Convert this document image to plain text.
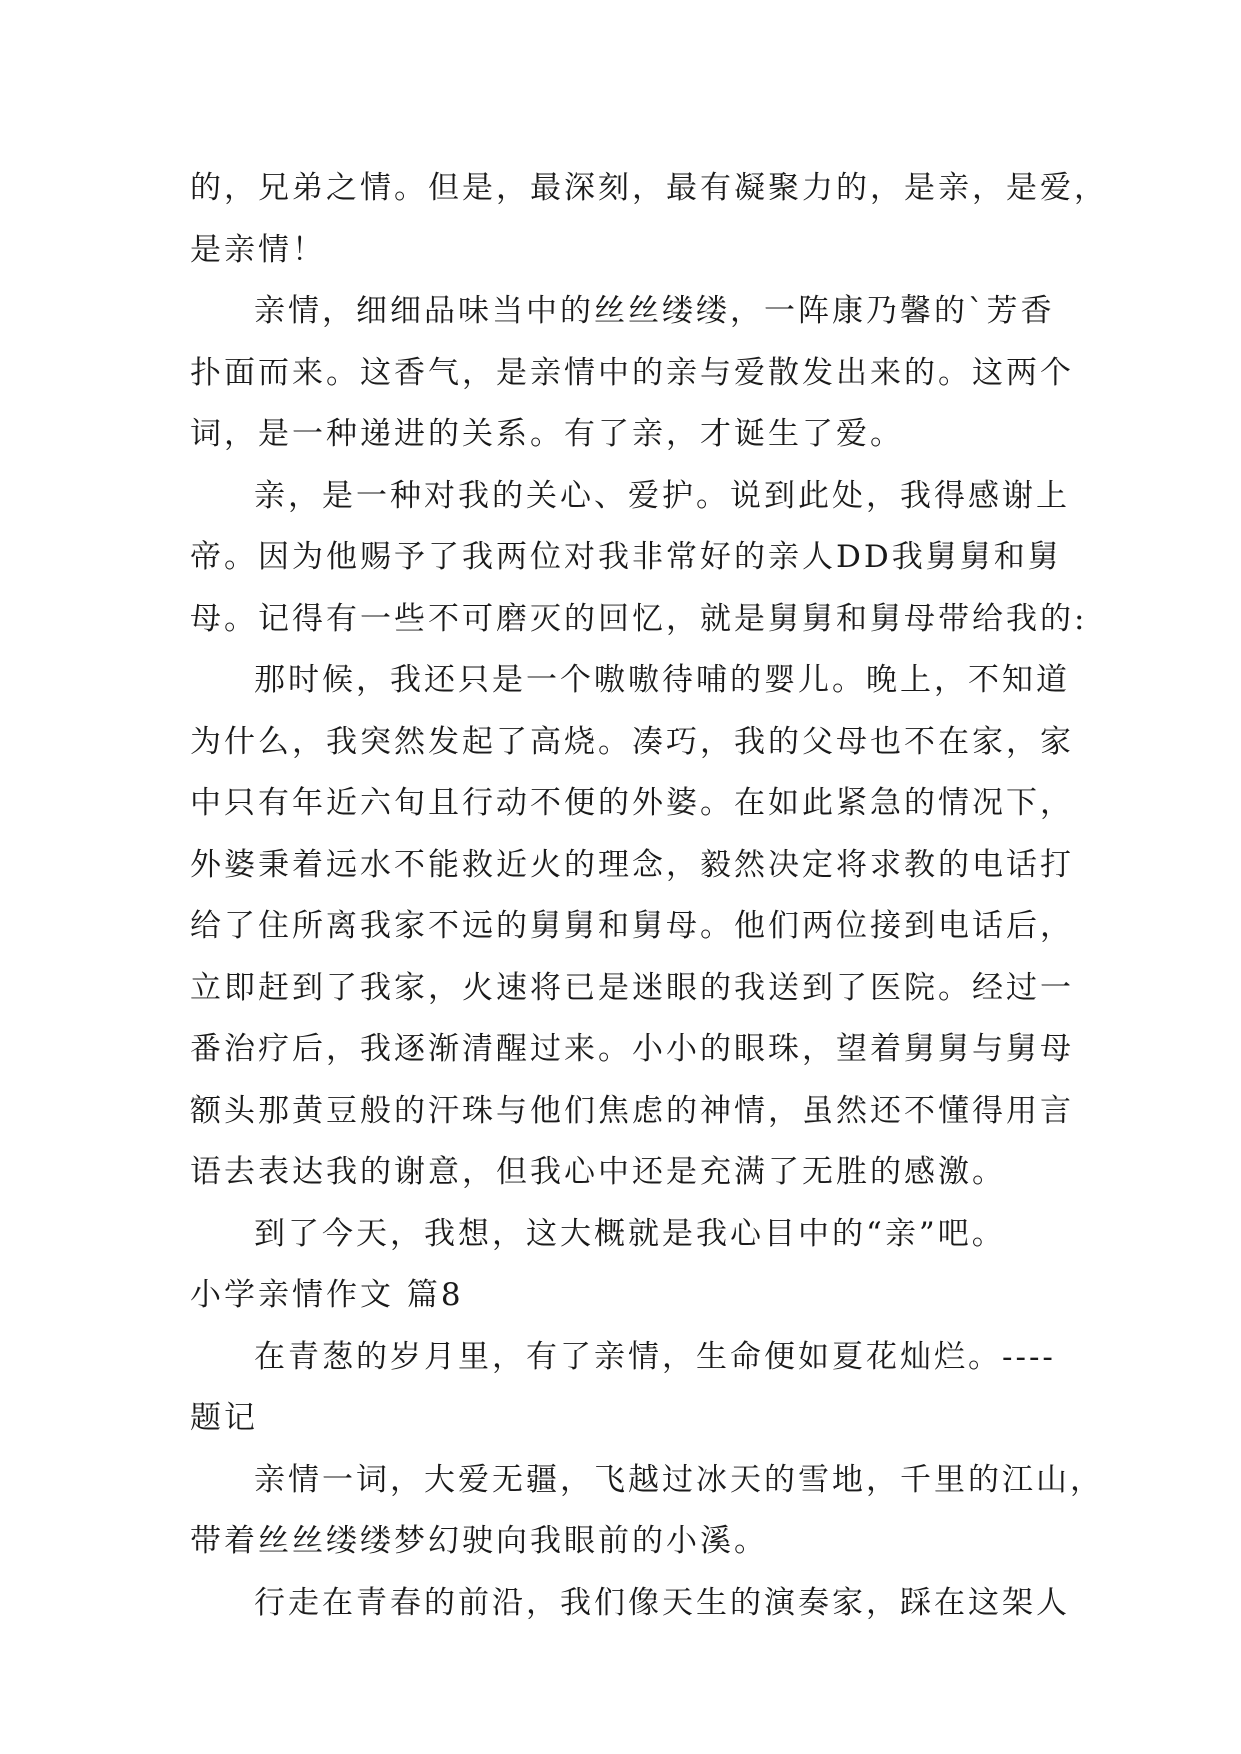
的，兄弟之情。但是，最深刻，最有凝聚力的，是亲，是爱，
是亲情！
亲情，细细品味当中的丝丝缕缕，一阵康乃馨的`芳香
扑面而来。这香气，是亲情中的亲与爱散发出来的。这两个
词，是一种递进的关系。有了亲，才诞生了爱。
亲，是一种对我的关心、爱护。说到此处，我得感谢上
帝。因为他赐予了我两位对我非常好的亲人DD我舅舅和舅
母。记得有一些不可磨灭的回忆，就是舅舅和舅母带给我的:
那时候，我还只是一个嗷嗷待哺的婴儿。晚上，不知道
为什么，我突然发起了高烧。凑巧，我的父母也不在家，家
中只有年近六旬且行动不便的外婆。在如此紧急的情况下，
外婆秉着远水不能救近火的理念，毅然决定将求教的电话打
给了住所离我家不远的舅舅和舅母。他们两位接到电话后，
立即赶到了我家，火速将已是迷眼的我送到了医院。经过一
番治疗后，我逐渐清醒过来。小小的眼珠，望着舅舅与舅母
额头那黄豆般的汗珠与他们焦虑的神情，虽然还不懂得用言
语去表达我的谢意，但我心中还是充满了无胜的感激。
到了今天，我想，这大概就是我心目中的“亲”吧。
小学亲情作文 篇8
在青葱的岁月里，有了亲情，生命便如夏花灿烂。----
题记
亲情一词，大爱无疆，飞越过冰天的雪地，千里的江山，
带着丝丝缕缕梦幻驶向我眼前的小溪。
行走在青春的前沿，我们像天生的演奏家，踩在这架人
